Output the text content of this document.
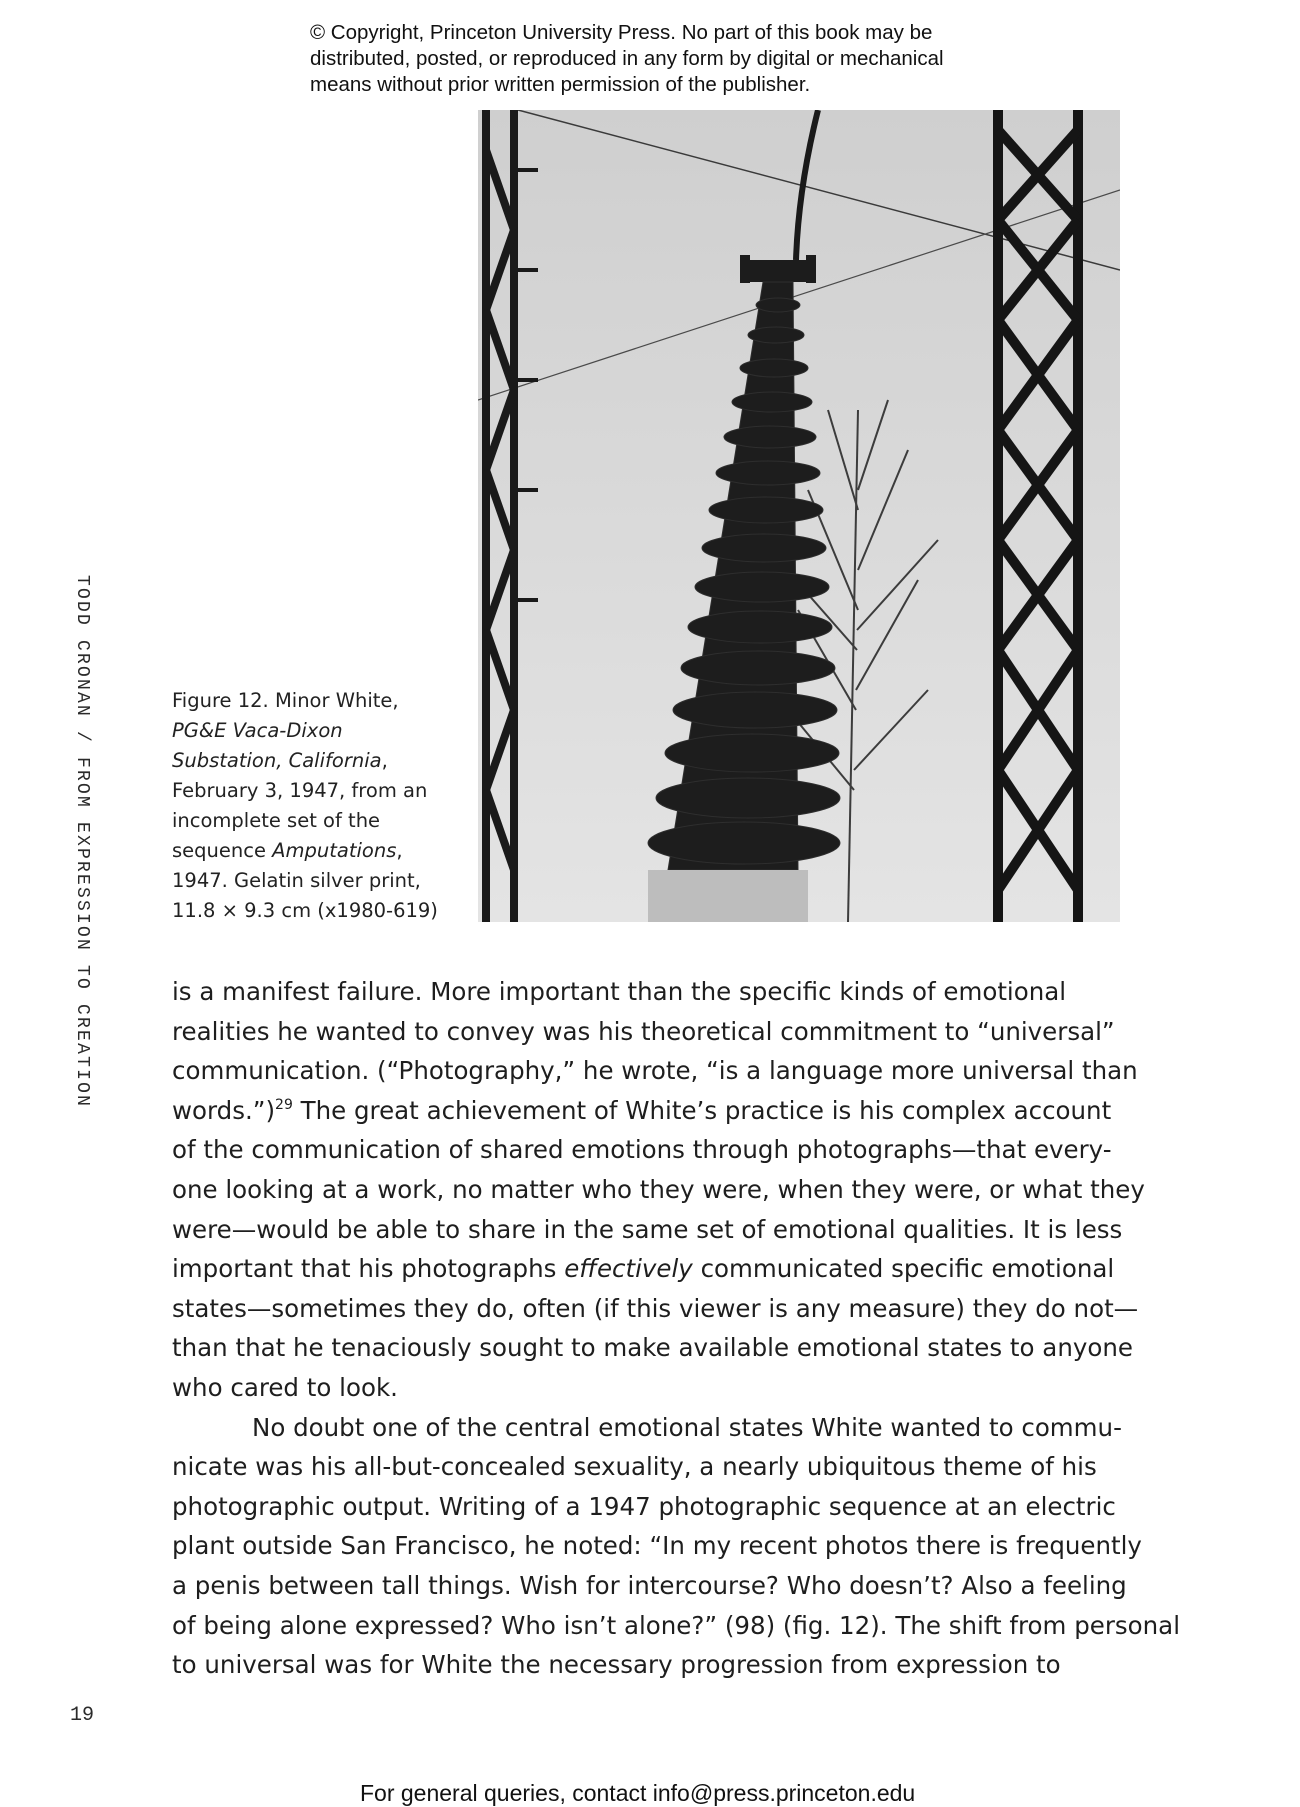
© Copyright, Princeton University Press. No part of this book may be
distributed, posted, or reproduced in any form by digital or mechanical
means without prior written permission of the publisher.
TODD CRONAN / FROM EXPRESSION TO CREATION	Figure 12. Minor White,
PG&E Vaca-Dixon
Substation, California,
February 3, 1947, from an
incomplete set of the
sequence Amputations,
1947. Gelatin silver print,
11.8 × 9.3 cm (x1980-619)
is a manifest failure. More important than the specific kinds of emotional
realities he wanted to convey was his theoretical commitment to “universal”
communication. (“Photography,” he wrote, “is a language more universal than
words.”)$^{29}$ The great achievement of White’s practice is his complex account
of the communication of shared emotions through photographs—that every-
one looking at a work, no matter who they were, when they were, or what they
were—would be able to share in the same set of emotional qualities. It is less
important that his photographs effectively communicated specific emotional
states—sometimes they do, often (if this viewer is any measure) they do not—
than that he tenaciously sought to make available emotional states to anyone
who cared to look.
No doubt one of the central emotional states White wanted to commu-
nicate was his all-but-concealed sexuality, a nearly ubiquitous theme of his
photographic output. Writing of a 1947 photographic sequence at an electric
plant outside San Francisco, he noted: “In my recent photos there is frequently
a penis between tall things. Wish for intercourse? Who doesn’t? Also a feeling
of being alone expressed? Who isn’t alone?” (98) (fig. 12). The shift from personal
to universal was for White the necessary progression from expression to
19
For general queries, contact info@press.princeton.edu
